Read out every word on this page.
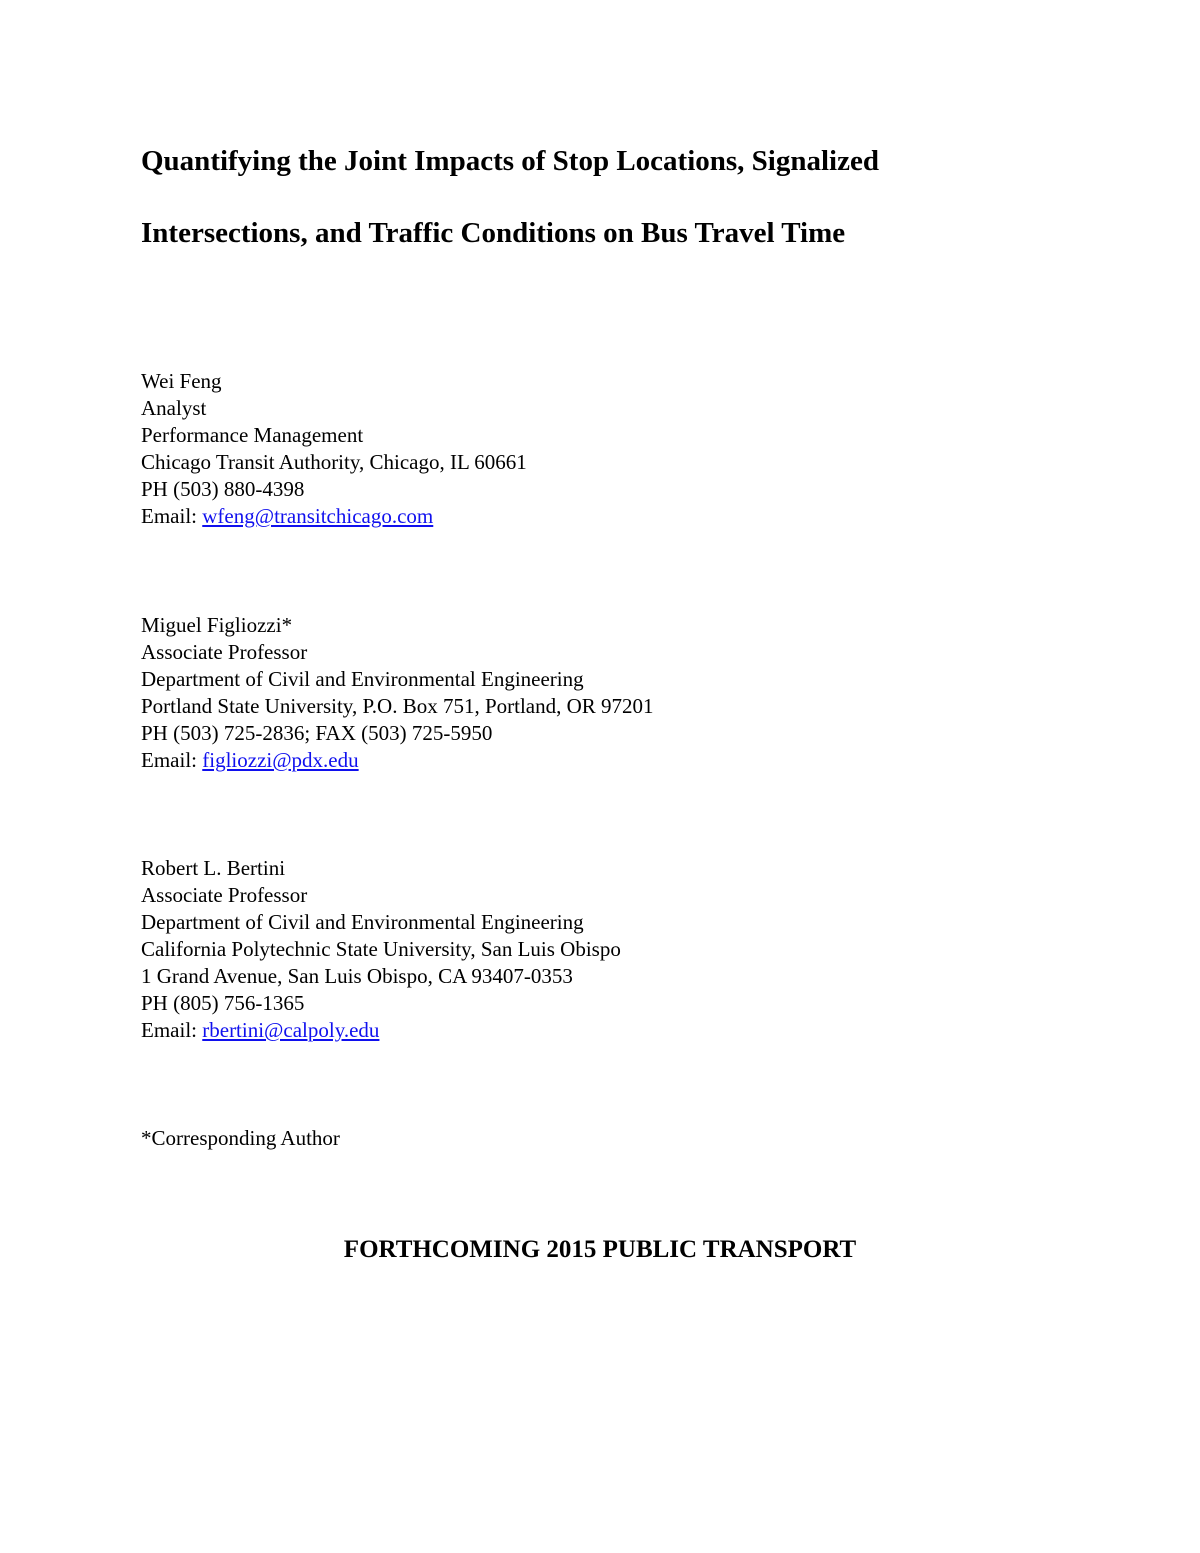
Quantifying the Joint Impacts of Stop Locations, Signalized
Intersections, and Traffic Conditions on Bus Travel Time
Wei Feng
Analyst
Performance Management
Chicago Transit Authority, Chicago, IL 60661
PH (503) 880-4398
Email: wfeng@transitchicago.com
Miguel Figliozzi*
Associate Professor
Department of Civil and Environmental Engineering
Portland State University, P.O. Box 751, Portland, OR 97201
PH (503) 725-2836; FAX (503) 725-5950
Email: figliozzi@pdx.edu
Robert L. Bertini
Associate Professor
Department of Civil and Environmental Engineering
California Polytechnic State University, San Luis Obispo
1 Grand Avenue, San Luis Obispo, CA 93407-0353
PH (805) 756-1365
Email: rbertini@calpoly.edu
*Corresponding Author
FORTHCOMING 2015 PUBLIC TRANSPORT
